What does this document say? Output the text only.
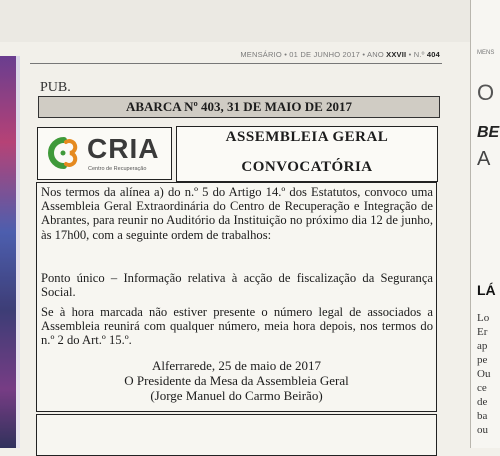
MENSÁRIO • 01 DE JUNHO 2017 • ANO XXVII • N.º 404
PUB.
ABARCA Nº 403, 31 DE MAIO DE 2017
CRIA
Centro de Recuperação
ASSEMBLEIA GERAL
CONVOCATÓRIA

Nos termos da alínea a) do n.º 5 do Artigo 14.º dos Estatutos, convoco uma Assembleia Geral Extraordinária do Centro de Recuperação e Integração de Abrantes, para reunir no Auditório da Instituição no próximo dia 12 de junho, às 17h00, com a seguinte ordem de trabalhos:

Ponto único – Informação relativa à acção de fiscalização da Segurança Social.

Se à hora marcada não estiver presente o número legal de associados a Assembleia reunirá com qualquer número, meia hora depois, nos termos do n.º 2 do Art.º 15.º.

Alferrarede, 25 de maio de 2017
O Presidente da Mesa da Assembleia Geral
(Jorge Manuel do Carmo Beirão)
MENS
O
BE
A
LÁ
Lo
Er
ap
pe
Ou
ce
de
ba
ou
